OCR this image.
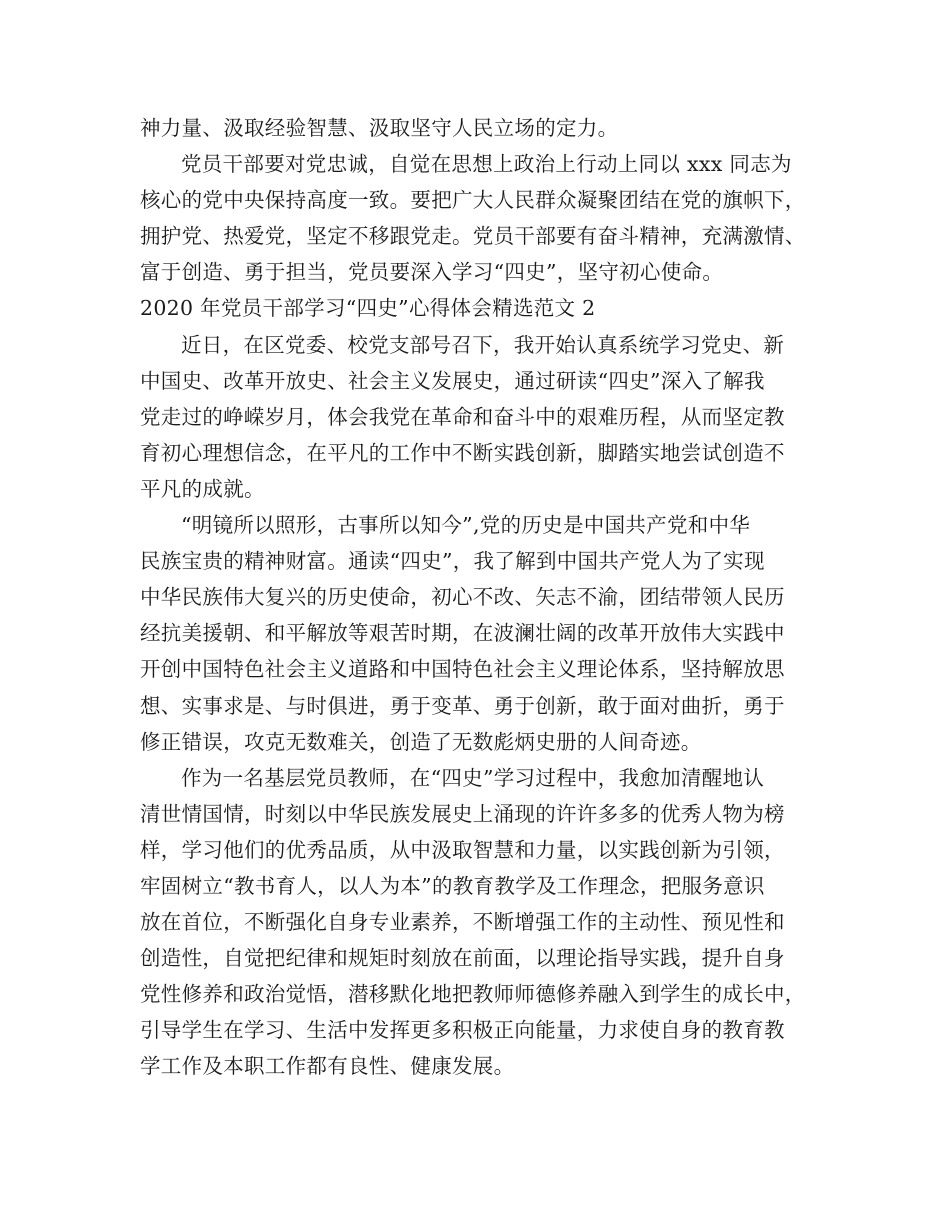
神力量、汲取经验智慧、汲取坚守人民立场的定力。
党员干部要对党忠诚，自觉在思想上政治上行动上同以 xxx 同志为
核心的党中央保持高度一致。要把广大人民群众凝聚团结在党的旗帜下，
拥护党、热爱党，坚定不移跟党走。党员干部要有奋斗精神，充满激情、
富于创造、勇于担当，党员要深入学习“四史”，坚守初心使命。
2020 年党员干部学习“四史”心得体会精选范文 2
近日，在区党委、校党支部号召下，我开始认真系统学习党史、新
中国史、改革开放史、社会主义发展史，通过研读“四史”深入了解我
党走过的峥嵘岁月，体会我党在革命和奋斗中的艰难历程，从而坚定教
育初心理想信念，在平凡的工作中不断实践创新，脚踏实地尝试创造不
平凡的成就。
“明镜所以照形，古事所以知今”,党的历史是中国共产党和中华
民族宝贵的精神财富。通读“四史”，我了解到中国共产党人为了实现
中华民族伟大复兴的历史使命，初心不改、矢志不渝，团结带领人民历
经抗美援朝、和平解放等艰苦时期，在波澜壮阔的改革开放伟大实践中
开创中国特色社会主义道路和中国特色社会主义理论体系，坚持解放思
想、实事求是、与时俱进，勇于变革、勇于创新，敢于面对曲折，勇于
修正错误，攻克无数难关，创造了无数彪炳史册的人间奇迹。
作为一名基层党员教师，在“四史”学习过程中，我愈加清醒地认
清世情国情，时刻以中华民族发展史上涌现的许许多多的优秀人物为榜
样，学习他们的优秀品质，从中汲取智慧和力量，以实践创新为引领，
牢固树立“教书育人，以人为本”的教育教学及工作理念，把服务意识
放在首位，不断强化自身专业素养，不断增强工作的主动性、预见性和
创造性，自觉把纪律和规矩时刻放在前面，以理论指导实践，提升自身
党性修养和政治觉悟，潜移默化地把教师师德修养融入到学生的成长中，
引导学生在学习、生活中发挥更多积极正向能量，力求使自身的教育教
学工作及本职工作都有良性、健康发展。
